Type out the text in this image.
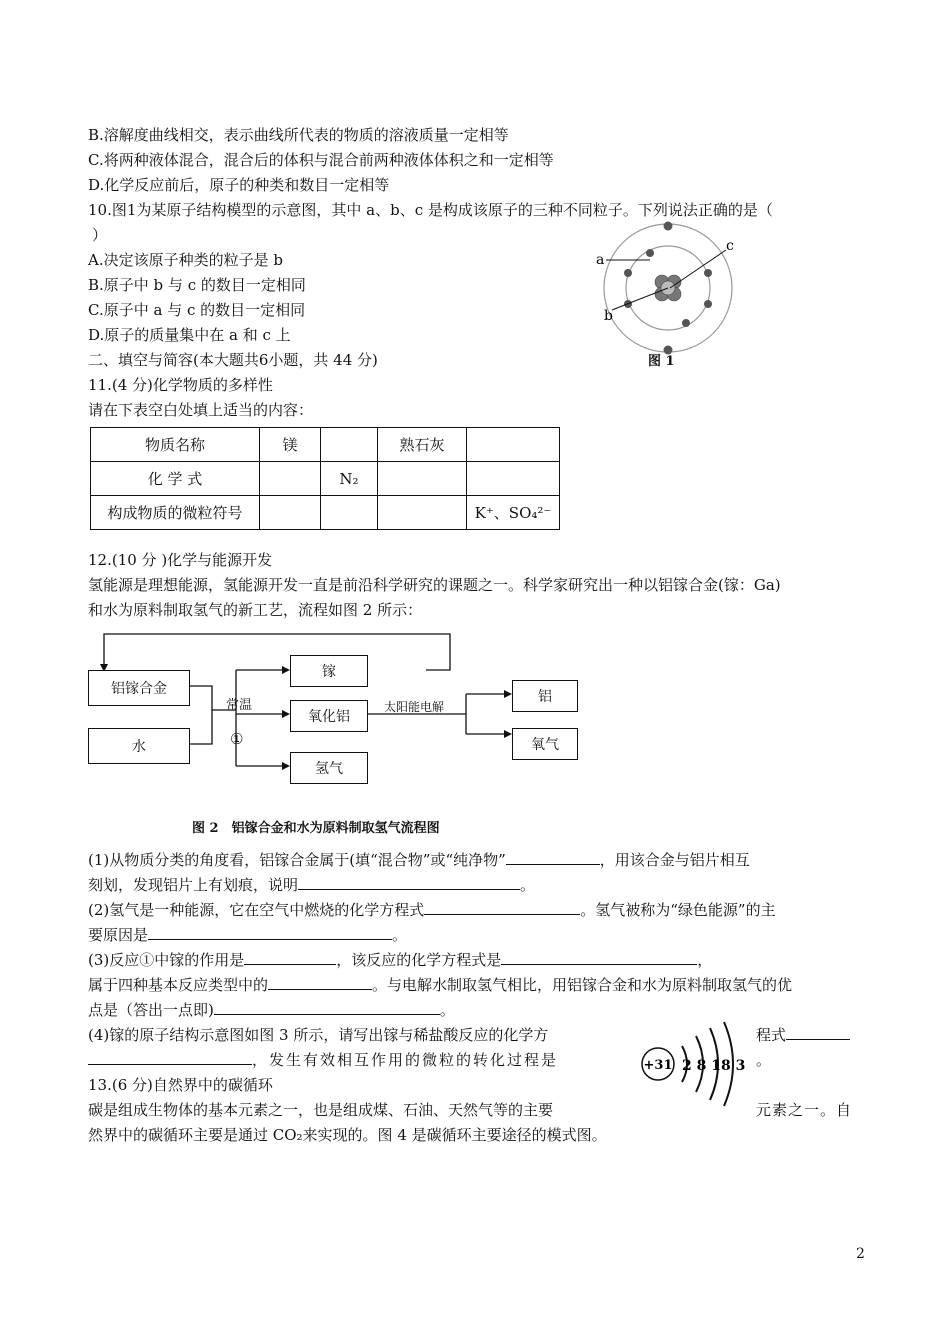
B.溶解度曲线相交，表示曲线所代表的物质的溶液质量一定相等
C.将两种液体混合，混合后的体积与混合前两种液体体积之和一定相等
D.化学反应前后，原子的种类和数目一定相等
10.图1为某原子结构模型的示意图，其中 a、b、c 是构成该原子的三种不同粒子。下列说法正确的是（
）
A.决定该原子种类的粒子是 b
B.原子中 b 与 c 的数目一定相同
C.原子中 a 与 c 的数目一定相同
D.原子的质量集中在 a 和 c 上
a
b
c
图 1
二、填空与简容(本大题共6小题，共 44 分)
11.(4 分)化学物质的多样性
请在下表空白处填上适当的内容：
物质名称	镁		熟石灰	
化 学 式		N₂		
构成物质的微粒符号				K⁺、SO₄²⁻
12.(10 分 )化学与能源开发
氢能源是理想能源，氢能源开发一直是前沿科学研究的课题之一。科学家研究出一种以铝镓合金(镓：Ga)
和水为原料制取氢气的新工艺，流程如图 2 所示：
铝镓合金
水
常温
①
镓
氧化铝
氢气
太阳能电解
铝
氧气
图 2　铝镓合金和水为原料制取氢气流程图
(1)从物质分类的角度看，铝镓合金属于(填“混合物”或“纯净物”	，用该合金与铝片相互
刻划，发现铝片上有划痕，说明	。
(2)氢气是一种能源，它在空气中燃烧的化学方程式	。氢气被称为“绿色能源”的主
要原因是	。
(3)反应①中镓的作用是	，该反应的化学方程式是	，
属于四种基本反应类型中的	。与电解水制取氢气相比，用铝镓合金和水为原料制取氢气的优
点是（答出一点即)	。
(4)镓的原子结构示意图如图 3 所示，请写出镓与稀盐酸反应的化学方	程式
，发生有效相互作用的微粒的转化过程是	。
+31 2 8 18 3
13.(6 分)自然界中的碳循环
碳是组成生物体的基本元素之一，也是组成煤、石油、天然气等的主要	元素之一。自
然界中的碳循环主要是通过 CO₂来实现的。图 4 是碳循环主要途径的模式图。
2
